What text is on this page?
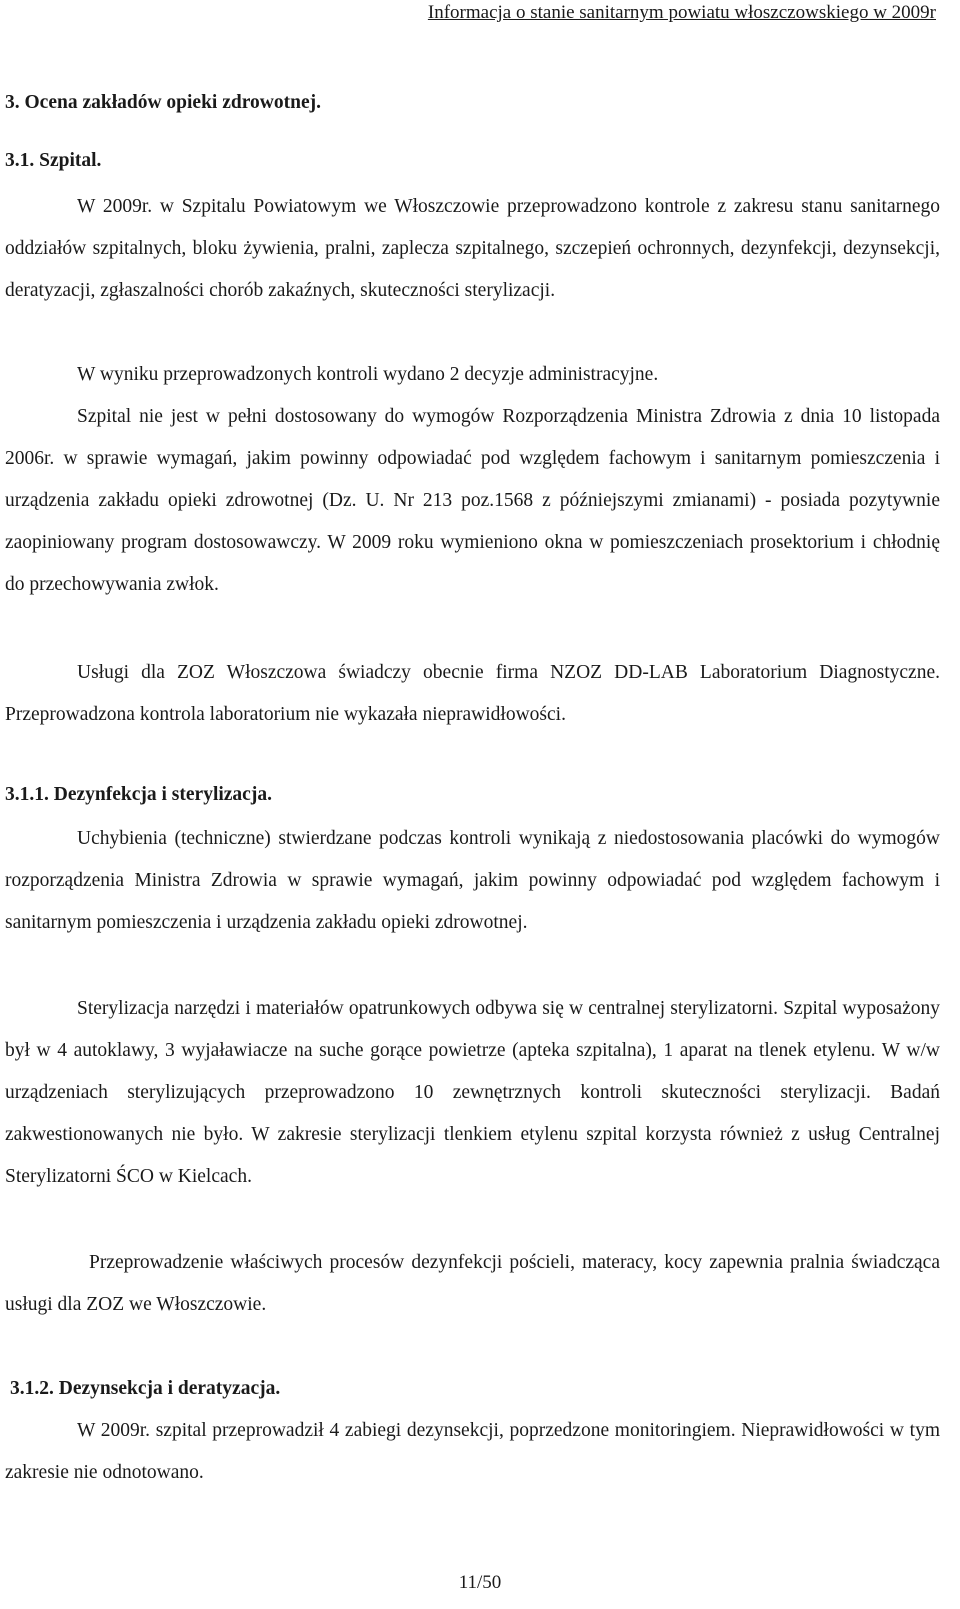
Informacja o stanie sanitarnym powiatu włoszczowskiego w 2009r
3. Ocena zakładów opieki zdrowotnej.
3.1. Szpital.

W 2009r. w Szpitalu Powiatowym we Włoszczowie przeprowadzono kontrole z zakresu stanu sanitarnego oddziałów szpitalnych, bloku żywienia, pralni, zaplecza szpitalnego, szczepień ochronnych, dezynfekcji, dezynsekcji, deratyzacji, zgłaszalności chorób zakaźnych, skuteczności sterylizacji.

W wyniku przeprowadzonych kontroli wydano 2 decyzje administracyjne.

Szpital nie jest w pełni dostosowany do wymogów Rozporządzenia Ministra Zdrowia z dnia 10 listopada 2006r. w sprawie wymagań, jakim powinny odpowiadać pod względem fachowym i sanitarnym pomieszczenia i urządzenia zakładu opieki zdrowotnej (Dz. U. Nr 213 poz.1568 z późniejszymi zmianami) - posiada pozytywnie zaopiniowany program dostosowawczy. W 2009 roku wymieniono okna w pomieszczeniach prosektorium i chłodnię do przechowywania zwłok.

Usługi dla ZOZ Włoszczowa świadczy obecnie firma NZOZ DD-LAB Laboratorium Diagnostyczne. Przeprowadzona kontrola laboratorium nie wykazała nieprawidłowości.

3.1.1. Dezynfekcja i sterylizacja.

Uchybienia (techniczne) stwierdzane podczas kontroli wynikają z niedostosowania placówki do wymogów rozporządzenia Ministra Zdrowia w sprawie wymagań, jakim powinny odpowiadać pod względem fachowym i sanitarnym pomieszczenia i urządzenia zakładu opieki zdrowotnej.

Sterylizacja narzędzi i materiałów opatrunkowych odbywa się w centralnej sterylizatorni. Szpital wyposażony był w 4 autoklawy, 3 wyjaławiacze na suche gorące powietrze (apteka szpitalna), 1 aparat na tlenek etylenu. W w/w urządzeniach sterylizujących przeprowadzono 10 zewnętrznych kontroli skuteczności sterylizacji. Badań zakwestionowanych nie było. W zakresie sterylizacji tlenkiem etylenu szpital korzysta również z usług Centralnej Sterylizatorni ŚCO w Kielcach.

Przeprowadzenie właściwych procesów dezynfekcji pościeli, materacy, kocy zapewnia pralnia świadcząca usługi dla ZOZ we Włoszczowie.

3.1.2. Dezynsekcja i deratyzacja.

W 2009r. szpital przeprowadził 4 zabiegi dezynsekcji, poprzedzone monitoringiem. Nieprawidłowości w tym zakresie nie odnotowano.

11/50
